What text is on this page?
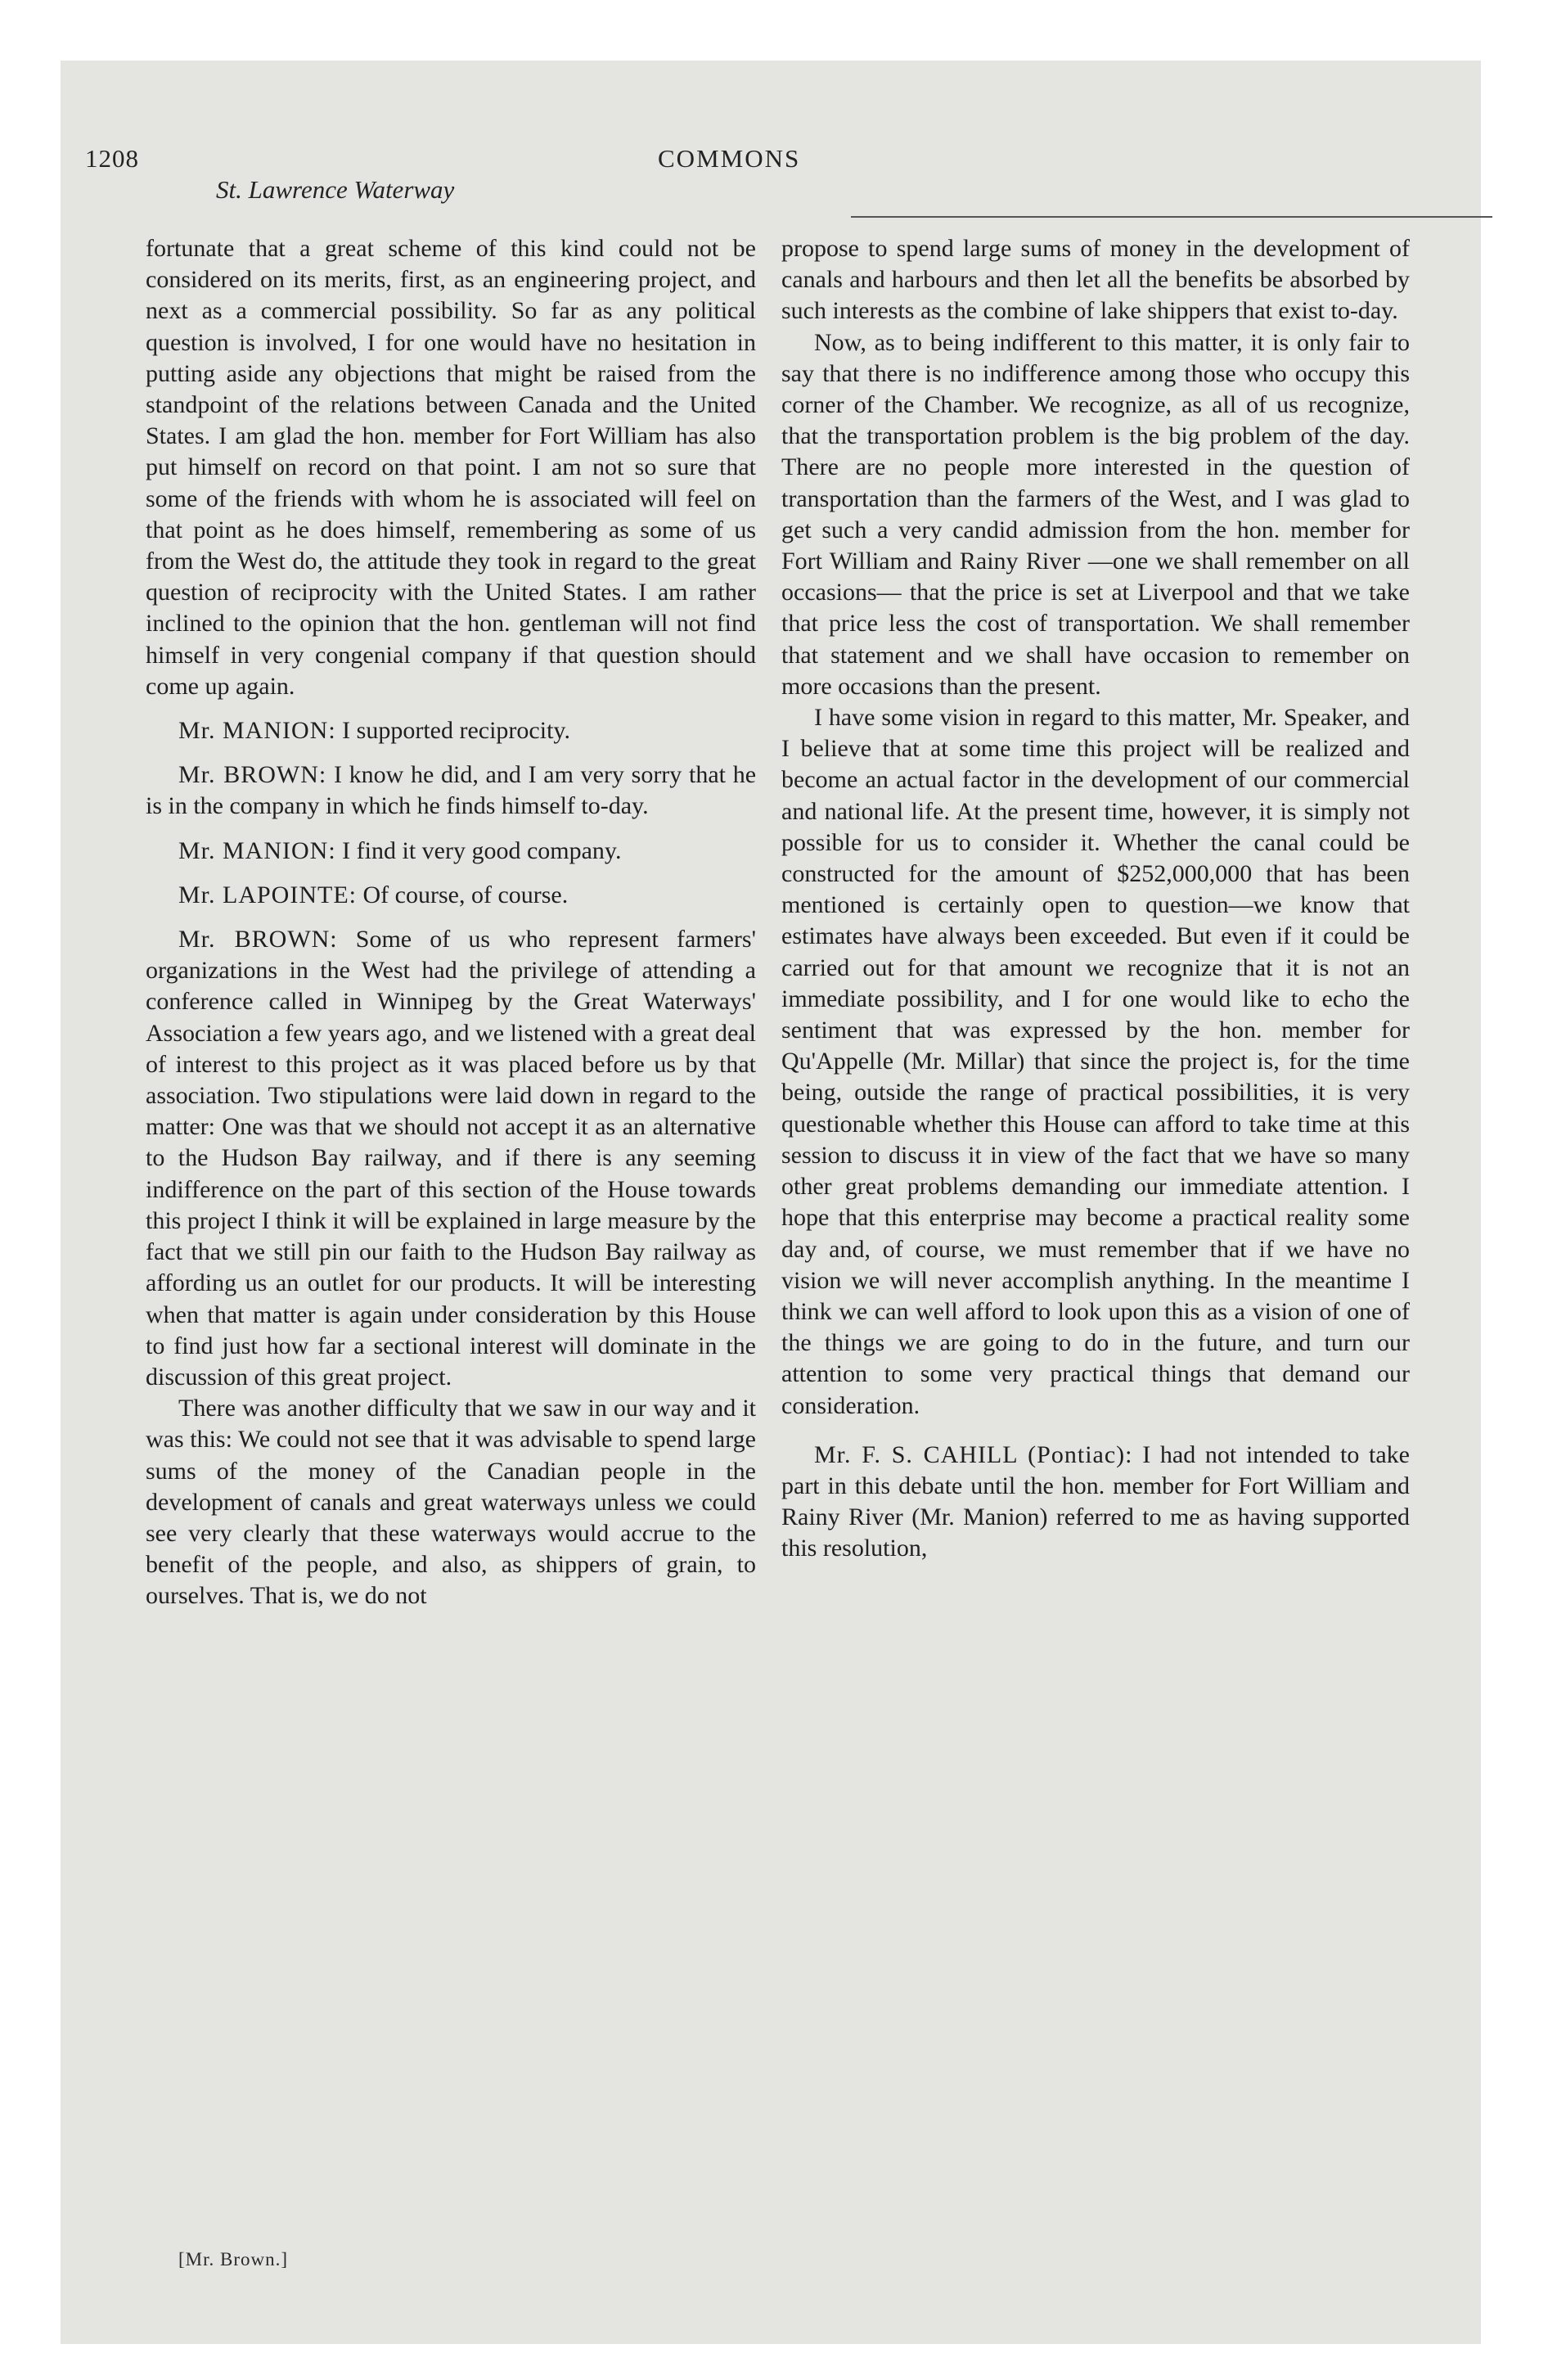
1208	COMMONS
St. Lawrence Waterway

fortunate that a great scheme of this kind could not be considered on its merits, first, as an engineering project, and next as a commercial possibility. So far as any political question is involved, I for one would have no hesitation in putting aside any objections that might be raised from the standpoint of the relations between Canada and the United States. I am glad the hon. member for Fort William has also put himself on record on that point. I am not so sure that some of the friends with whom he is associated will feel on that point as he does himself, remembering as some of us from the West do, the attitude they took in regard to the great question of reciprocity with the United States. I am rather inclined to the opinion that the hon. gentleman will not find himself in very congenial company if that question should come up again.

Mr. MANION: I supported reciprocity.

Mr. BROWN: I know he did, and I am very sorry that he is in the company in which he finds himself to-day.

Mr. MANION: I find it very good company.

Mr. LAPOINTE: Of course, of course.

Mr. BROWN: Some of us who represent farmers' organizations in the West had the privilege of attending a conference called in Winnipeg by the Great Waterways' Association a few years ago, and we listened with a great deal of interest to this project as it was placed before us by that association. Two stipulations were laid down in regard to the matter: One was that we should not accept it as an alternative to the Hudson Bay railway, and if there is any seeming indifference on the part of this section of the House towards this project I think it will be explained in large measure by the fact that we still pin our faith to the Hudson Bay railway as affording us an outlet for our products. It will be interesting when that matter is again under consideration by this House to find just how far a sectional interest will dominate in the discussion of this great project.

There was another difficulty that we saw in our way and it was this: We could not see that it was advisable to spend large sums of the money of the Canadian people in the development of canals and great waterways unless we could see very clearly that these waterways would accrue to the benefit of the people, and also, as shippers of grain, to ourselves. That is, we do not

propose to spend large sums of money in the development of canals and harbours and then let all the benefits be absorbed by such interests as the combine of lake shippers that exist to-day.

Now, as to being indifferent to this matter, it is only fair to say that there is no indifference among those who occupy this corner of the Chamber. We recognize, as all of us recognize, that the transportation problem is the big problem of the day. There are no people more interested in the question of transportation than the farmers of the West, and I was glad to get such a very candid admission from the hon. member for Fort William and Rainy River —one we shall remember on all occasions— that the price is set at Liverpool and that we take that price less the cost of transportation. We shall remember that statement and we shall have occasion to remember on more occasions than the present.

I have some vision in regard to this matter, Mr. Speaker, and I believe that at some time this project will be realized and become an actual factor in the development of our commercial and national life. At the present time, however, it is simply not possible for us to consider it. Whether the canal could be constructed for the amount of $252,000,000 that has been mentioned is certainly open to question—we know that estimates have always been exceeded. But even if it could be carried out for that amount we recognize that it is not an immediate possibility, and I for one would like to echo the sentiment that was expressed by the hon. member for Qu'Appelle (Mr. Millar) that since the project is, for the time being, outside the range of practical possibilities, it is very questionable whether this House can afford to take time at this session to discuss it in view of the fact that we have so many other great problems demanding our immediate attention. I hope that this enterprise may become a practical reality some day and, of course, we must remember that if we have no vision we will never accomplish anything. In the meantime I think we can well afford to look upon this as a vision of one of the things we are going to do in the future, and turn our attention to some very practical things that demand our consideration.

Mr. F. S. CAHILL (Pontiac): I had not intended to take part in this debate until the hon. member for Fort William and Rainy River (Mr. Manion) referred to me as having supported this resolution,

[Mr. Brown.]
